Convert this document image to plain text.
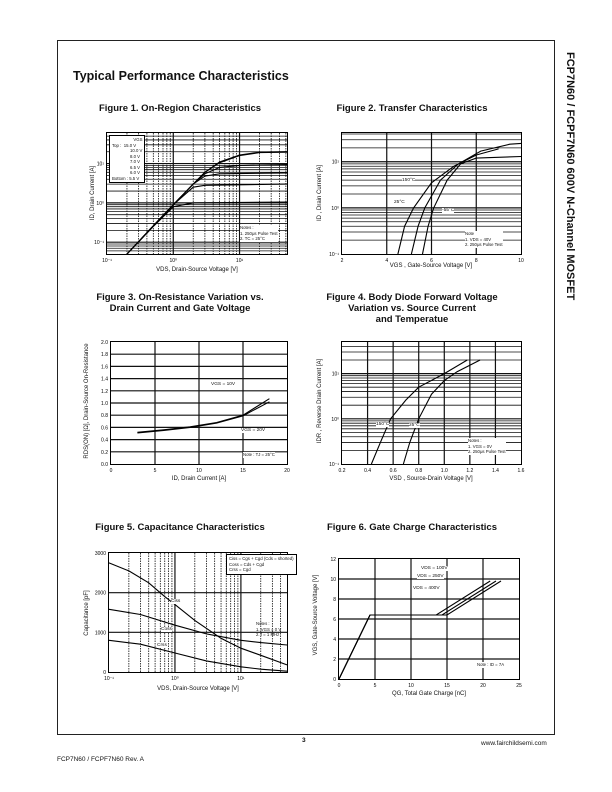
FCP7N60 / FCPF7N60 600V N-Channel MOSFET
Typical Performance Characteristics
Figure 1. On-Region Characteristics	Figure 2. Transfer Characteristics
Figure 3. On-Resistance Variation vs.
Drain Current and Gate Voltage
Figure 4. Body Diode Forward Voltage
Variation vs. Source Current
and Temperatue
Figure 5. Capacitance Characteristics	Figure 6. Gate Charge Characteristics
10⁻¹	10⁰	10¹
10⁻¹
10⁰
10¹
VGS
Top : 15.0 V
10.0 V
8.0 V
7.0 V
6.5 V
6.0 V
Bottom : 5.5 V
Notes :
1. 250μs Pulse Test
2. TC = 25°C
VDS, Drain-Source Voltage [V]
ID, Drain Current [A]
2	4	6	8	10
10⁻¹
10⁰
10¹
150°C
25°C
-55°C
Note
1. VDS = 40V
2. 250μs Pulse Test
VGS , Gate-Source Voltage [V]
ID , Drain Current [A]
0	5	10	15	20
0.0
0.2
0.4
0.6
0.8
1.0
1.2
1.4
1.6
1.8
2.0
VGS = 10V
VGS = 20V
Note : TJ = 25°C
ID, Drain Current [A]
RDS(ON) [Ω], Drain-Source On-Resistance
0.2	0.4	0.6	0.8	1.0	1.2	1.4	1.6
10⁻¹
10⁰
10¹
150°C	25°C
Notes :
1. VGS = 0V
2. 250μs Pulse Test
VSD , Source-Drain Voltage [V]
IDR , Reverse Drain Current [A]
10⁻¹	10⁰	10¹
0
1000
2000
3000
Ciss = Cgs + Cgd (Cds = shorted)
Coss = Cds + Cgd
Crss = Cgd
Ciss
Coss
Crss
Notes :
1. VGS = 0 V
2. f = 1 MHz
VDS, Drain-Source Voltage [V]
Capacitance [pF]
0	5	10	15	20	25
0
2
4
6
8
10
12
VDS = 100V
VDS = 250V
VDS = 400V
Note : ID = 7A
QG, Total Gate Charge [nC]
VGS, Gate-Source Voltage [V]
3	www.fairchildsemi.com
FCP7N60 / FCPF7N60 Rev. A
